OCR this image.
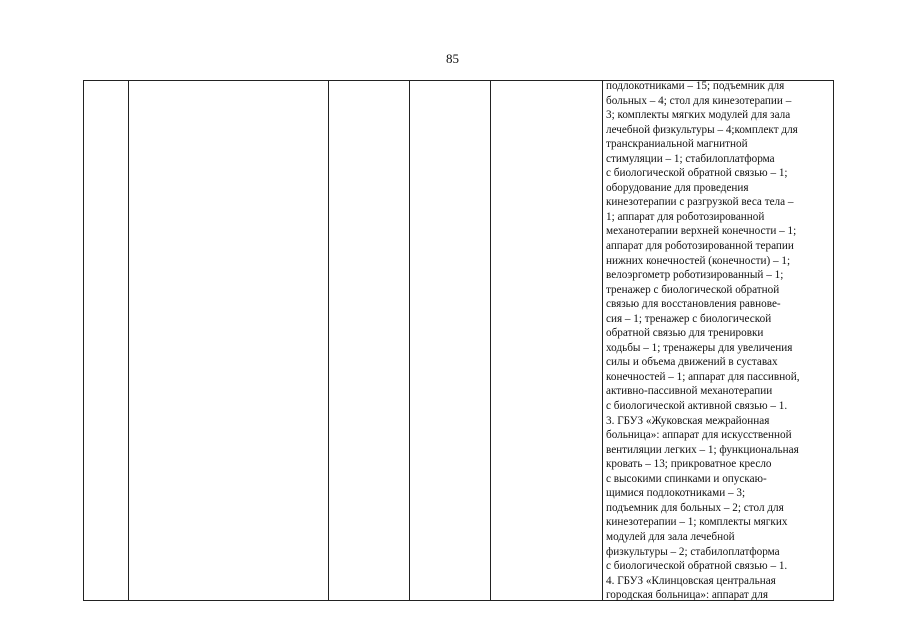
85
подлокотниками – 15; подъемник для
больных – 4; стол для кинезотерапии –
3; комплекты мягких модулей для зала
лечебной физкультуры – 4;комплект для
транскраниальной магнитной
стимуляции – 1; стабилоплатформа
с биологической обратной связью – 1;
оборудование для проведения
кинезотерапии с разгрузкой веса тела –
1; аппарат для роботозированной
механотерапии верхней конечности – 1;
аппарат для роботозированной терапии
нижних конечностей (конечности) – 1;
велоэргометр роботизированный – 1;
тренажер с биологической обратной
связью для восстановления равнове-
сия – 1; тренажер с биологической
обратной связью для тренировки
ходьбы – 1; тренажеры для увеличения
силы и объема движений в суставах
конечностей – 1; аппарат для пассивной,
активно-пассивной механотерапии
с биологической активной связью – 1.
3. ГБУЗ «Жуковская межрайонная
больница»: аппарат для искусственной
вентиляции легких – 1; функциональная
кровать – 13; прикроватное кресло
с высокими спинками и опускаю-
щимися подлокотниками – 3;
подъемник для больных – 2; стол для
кинезотерапии – 1; комплекты мягких
модулей для зала лечебной
физкультуры – 2; стабилоплатформа
с биологической обратной связью – 1.
4. ГБУЗ «Клинцовская центральная
городская больница»: аппарат для
